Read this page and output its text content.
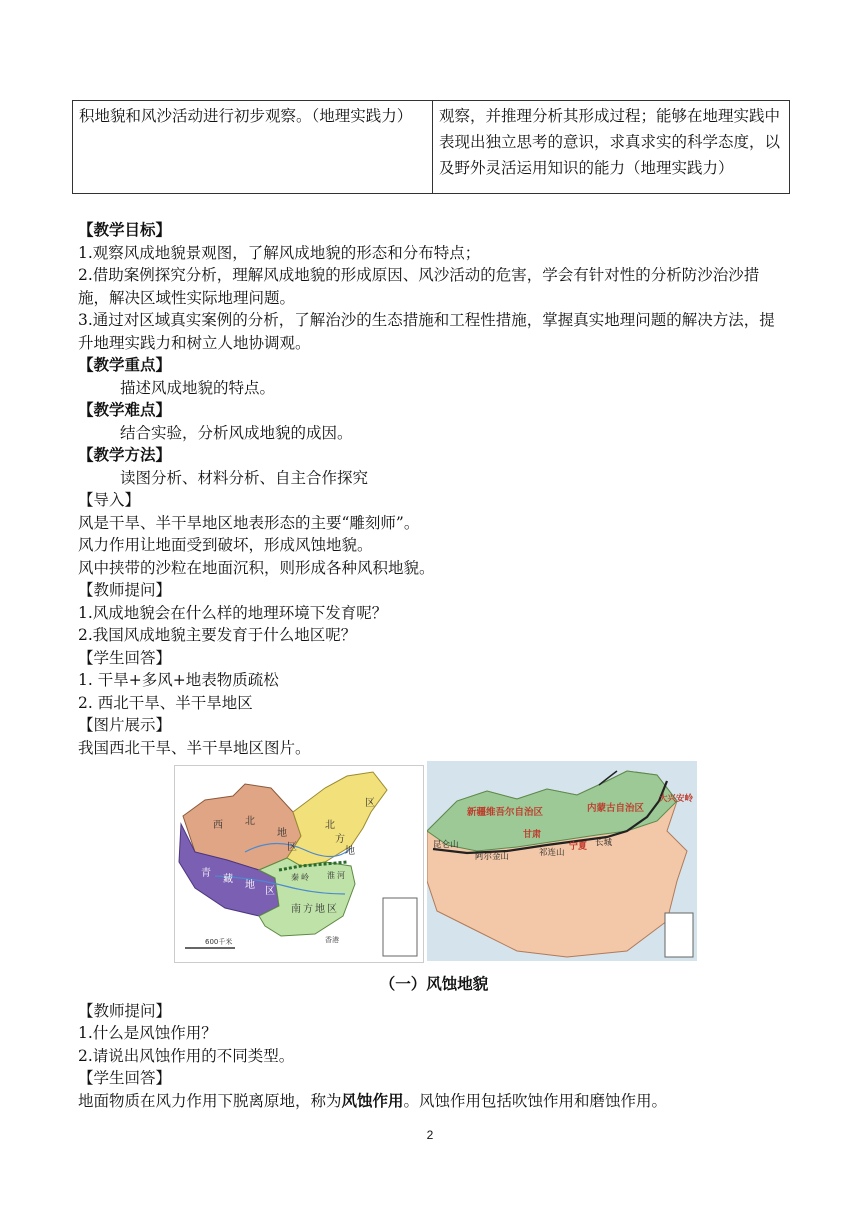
积地貌和风沙活动进行初步观察。（地理实践力）	观察，并推理分析其形成过程；能够在地理实践中表现出独立思考的意识，求真求实的科学态度，以及野外灵活运用知识的能力（地理实践力）
【教学目标】
1.观察风成地貌景观图，了解风成地貌的形态和分布特点；
2.借助案例探究分析，理解风成地貌的形成原因、风沙活动的危害，学会有针对性的分析防沙治沙措施，解决区域性实际地理问题。
3.通过对区域真实案例的分析，了解治沙的生态措施和工程性措施，掌握真实地理问题的解决方法，提升地理实践力和树立人地协调观。
【教学重点】
描述风成地貌的特点。
【教学难点】
结合实验，分析风成地貌的成因。
【教学方法】
读图分析、材料分析、自主合作探究
【导入】
风是干旱、半干旱地区地表形态的主要“雕刻师”。
风力作用让地面受到破坏，形成风蚀地貌。
风中挟带的沙粒在地面沉积，则形成各种风积地貌。
【教师提问】
1.风成地貌会在什么样的地理环境下发育呢？
2.我国风成地貌主要发育于什么地区呢？
【学生回答】
1. 干旱+多风+地表物质疏松
2. 西北干旱、半干旱地区
【图片展示】
我国西北干旱、半干旱地区图片。
西 北
地
区
青
藏
地
区
北
方
地
区
南 方 地 区
秦 岭 淮 河
600千米	香港
新疆维吾尔自治区	内蒙古自治区
大兴安岭
甘肃
宁夏
昆仑山
阿尔金山	祁连山
长城
（一）风蚀地貌
【教师提问】
1.什么是风蚀作用？
2.请说出风蚀作用的不同类型。
【学生回答】
地面物质在风力作用下脱离原地，称为风蚀作用。风蚀作用包括吹蚀作用和磨蚀作用。
2
